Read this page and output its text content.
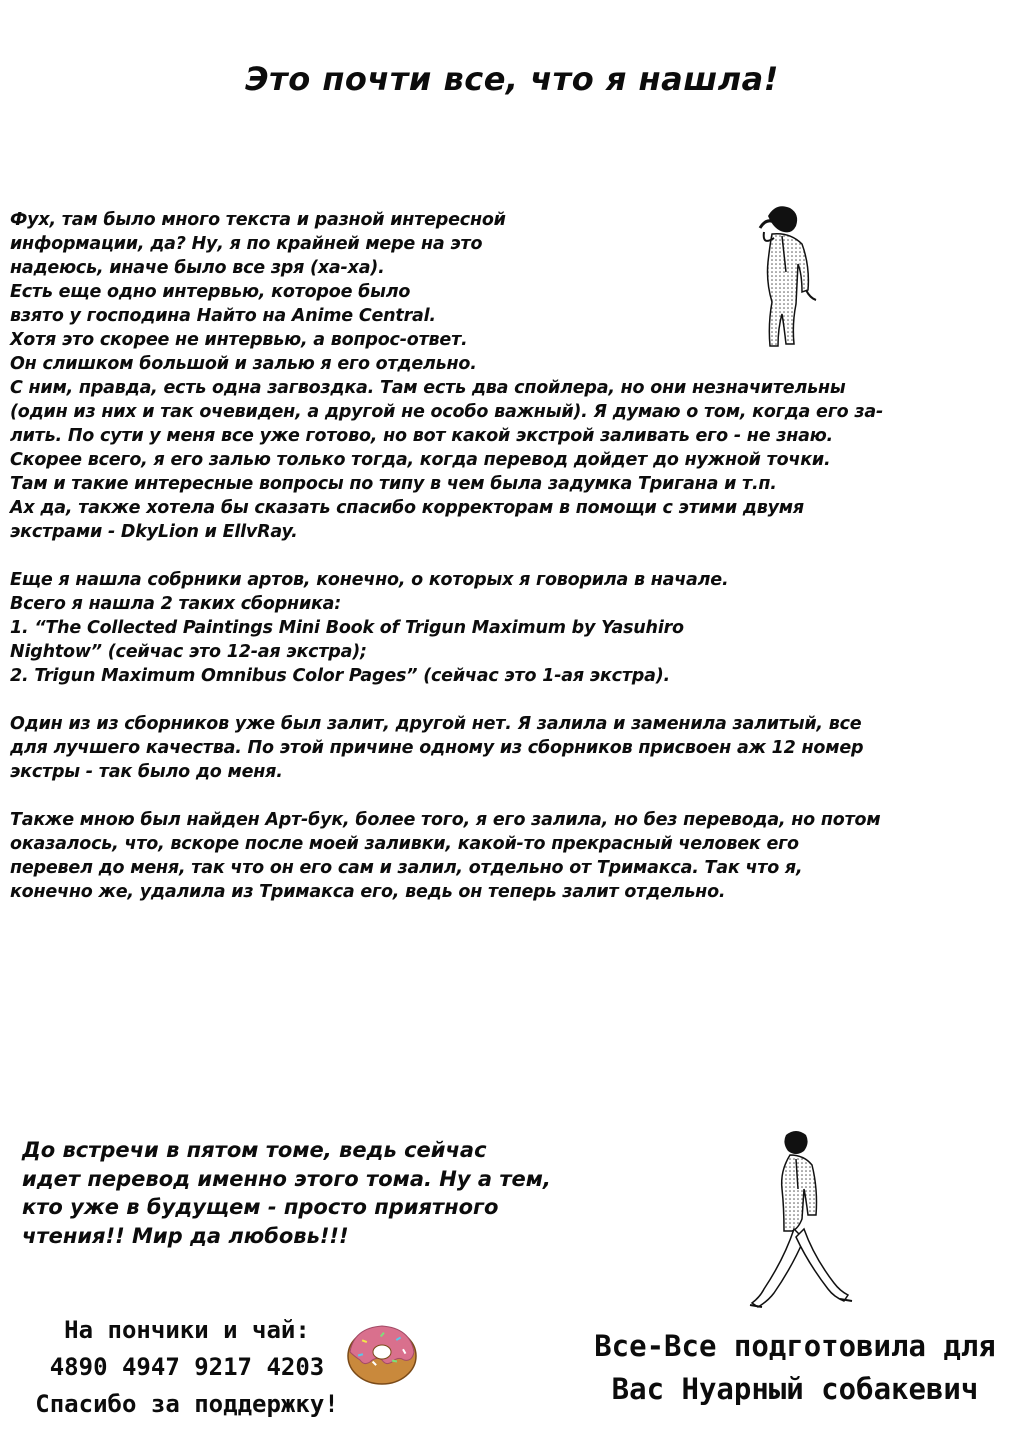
Это почти все, что я нашла!
Фух, там было много текста и разной интересной
информации, да? Ну, я по крайней мере на это
надеюсь, иначе было все зря (ха-ха).
Есть еще одно интервью, которое было
взято у господина Найто на Anime Central.
Хотя это скорее не интервью, а вопрос-ответ.
Он слишком большой и залью я его отдельно.
С ним, правда, есть одна загвоздка. Там есть два спойлера, но они незначительны
(один из них и так очевиден, а другой не особо важный). Я думаю о том, когда его за-
лить. По сути у меня все уже готово, но вот какой экстрой заливать его - не знаю.
Скорее всего, я его залью только тогда, когда перевод дойдет до нужной точки.
Там и такие интересные вопросы по типу в чем была задумка Тригана и т.п.
Ах да, также хотела бы сказать спасибо корректорам в помощи с этими двумя
экстрами - DkyLion и EllvRay.
Еще я нашла собрники артов, конечно, о которых я говорила в начале.
Всего я нашла 2 таких сборника:
1. “The Collected Paintings Mini Book of Trigun Maximum by Yasuhiro
Nightow” (сейчас это 12-ая экстра);
2. Trigun Maximum Omnibus Color Pages” (сейчас это 1-ая экстра).
Один из из сборников уже был залит, другой нет. Я залила и заменила залитый, все
для лучшего качества. По этой причине одному из сборников присвоен аж 12 номер
экстры - так было до меня.
Также мною был найден Арт-бук, более того, я его залила, но без перевода, но потом
оказалось, что, вскоре после моей заливки, какой-то прекрасный человек его
перевел до меня, так что он его сам и залил, отдельно от Тримакса. Так что я,
конечно же, удалила из Тримакса его, ведь он теперь залит отдельно.
До встречи в пятом томе, ведь сейчас
идет перевод именно этого тома. Ну а тем,
кто уже в будущем - просто приятного
чтения!! Мир да любовь!!!
На пончики и чай:
4890 4947 9217 4203
Спасибо за поддержку!
Все-Все подготовила для
Вас Нуарный собакевич
